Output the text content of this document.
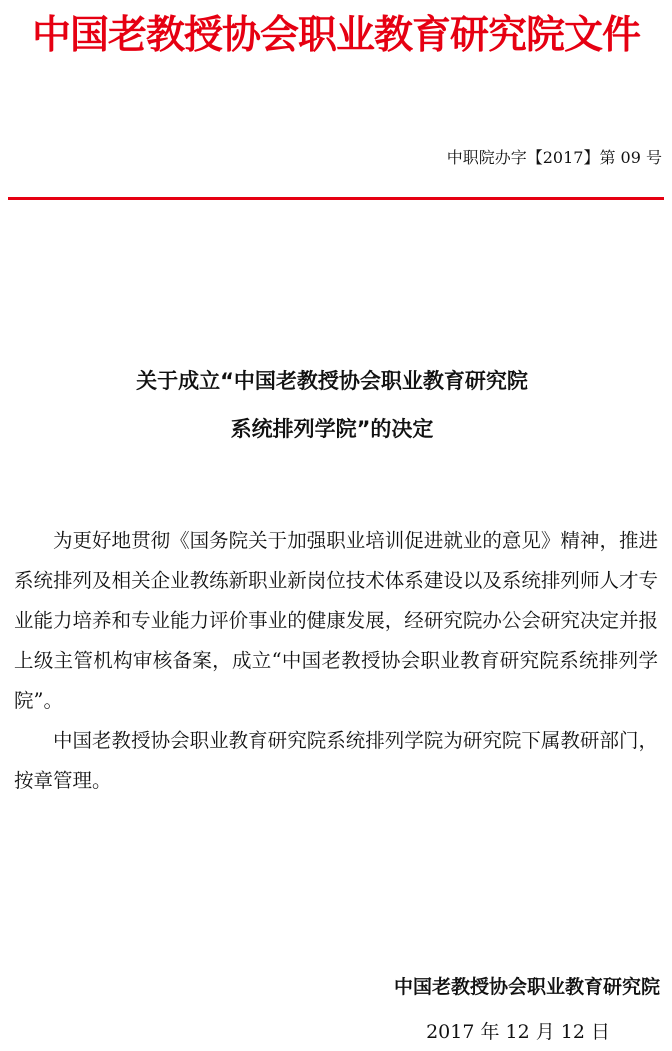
中国老教授协会职业教育研究院文件
中职院办字【2017】第 09 号
关于成立“中国老教授协会职业教育研究院
系统排列学院”的决定

为更好地贯彻《国务院关于加强职业培训促进就业的意见》精神，推进系统排列及相关企业教练新职业新岗位技术体系建设以及系统排列师人才专业能力培养和专业能力评价事业的健康发展，经研究院办公会研究决定并报上级主管机构审核备案，成立“中国老教授协会职业教育研究院系统排列学院”。

中国老教授协会职业教育研究院系统排列学院为研究院下属教研部门，按章管理。

中国老教授协会职业教育研究院
2017 年 12 月 12 日
